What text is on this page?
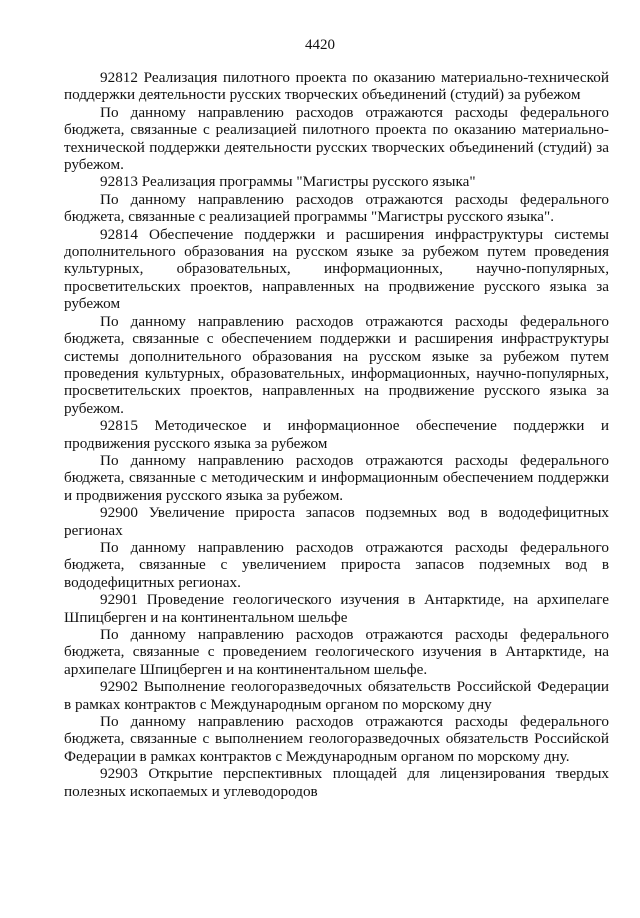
4420

92812 Реализация пилотного проекта по оказанию материально-технической поддержки деятельности русских творческих объединений (студий) за рубежом

По данному направлению расходов отражаются расходы федерального бюджета, связанные с реализацией пилотного проекта по оказанию материально-технической поддержки деятельности русских творческих объединений (студий) за рубежом.

92813 Реализация программы "Магистры русского языка"

По данному направлению расходов отражаются расходы федерального бюджета, связанные с реализацией программы "Магистры русского языка".

92814 Обеспечение поддержки и расширения инфраструктуры системы дополнительного образования на русском языке за рубежом путем проведения культурных, образовательных, информационных, научно-популярных, просветительских проектов, направленных на продвижение русского языка за рубежом

По данному направлению расходов отражаются расходы федерального бюджета, связанные с обеспечением поддержки и расширения инфраструктуры системы дополнительного образования на русском языке за рубежом путем проведения культурных, образовательных, информационных, научно-популярных, просветительских проектов, направленных на продвижение русского языка за рубежом.

92815 Методическое и информационное обеспечение поддержки и продвижения русского языка за рубежом

По данному направлению расходов отражаются расходы федерального бюджета, связанные с методическим и информационным обеспечением поддержки и продвижения русского языка за рубежом.

92900 Увеличение прироста запасов подземных вод в вододефицитных регионах

По данному направлению расходов отражаются расходы федерального бюджета, связанные с увеличением прироста запасов подземных вод в вододефицитных регионах.

92901 Проведение геологического изучения в Антарктиде, на архипелаге Шпицберген и на континентальном шельфе

По данному направлению расходов отражаются расходы федерального бюджета, связанные с проведением геологического изучения в Антарктиде, на архипелаге Шпицберген и на континентальном шельфе.

92902 Выполнение геологоразведочных обязательств Российской Федерации в рамках контрактов с Международным органом по морскому дну

По данному направлению расходов отражаются расходы федерального бюджета, связанные с выполнением геологоразведочных обязательств Российской Федерации в рамках контрактов с Международным органом по морскому дну.

92903 Открытие перспективных площадей для лицензирования твердых полезных ископаемых и углеводородов
